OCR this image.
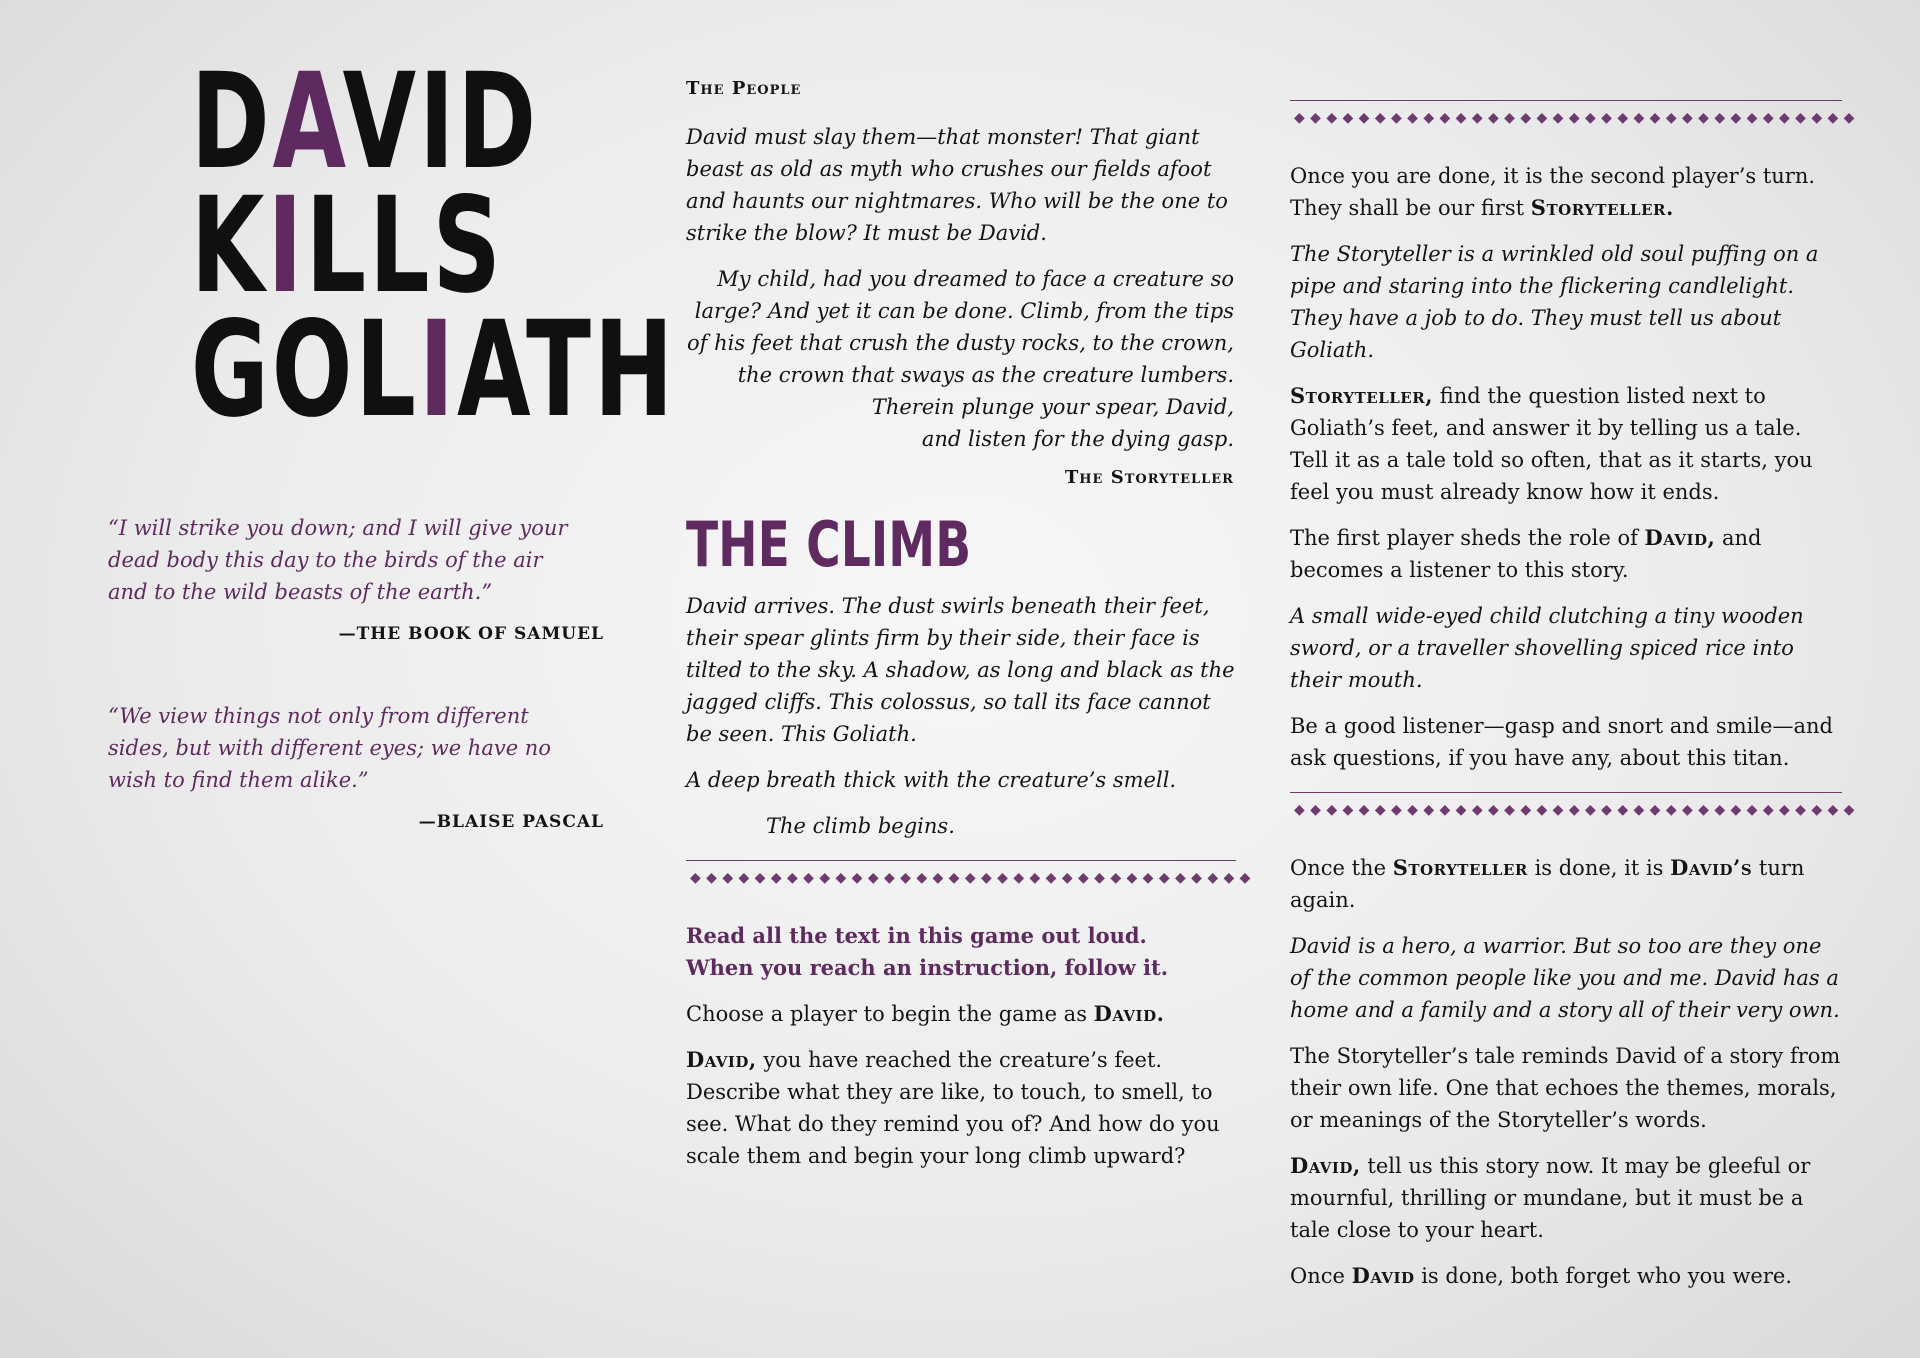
DAVID
KILLS
GOLIATH

“I will strike you down; and I will give your dead body this day to the birds of the air and to the wild beasts of the earth.”

—THE BOOK OF SAMUEL

“We view things not only from different sides, but with different eyes; we have no wish to find them alike.”

—BLAISE PASCAL

The People

David must slay them—that monster! That giant beast as old as myth who crushes our fields afoot and haunts our nightmares. Who will be the one to strike the blow? It must be David.

My child, had you dreamed to face a creature so
large? And yet it can be done. Climb, from the tips
of his feet that crush the dusty rocks, to the crown,
the crown that sways as the creature lumbers.
Therein plunge your spear, David,
and listen for the dying gasp.
The Storyteller
THE CLIMB

David arrives. The dust swirls beneath their feet, their spear glints firm by their side, their face is tilted to the sky. A shadow, as long and black as the jagged cliffs. This colossus, so tall its face cannot be seen. This Goliath.

A deep breath thick with the creature’s smell.

The climb begins.

◆◆◆◆◆◆◆◆◆◆◆◆◆◆◆◆◆◆◆◆◆◆◆◆◆◆◆◆◆◆◆◆◆◆◆
Read all the text in this game out loud.
When you reach an instruction, follow it.

Choose a player to begin the game as David.

David, you have reached the creature’s feet. Describe what they are like, to touch, to smell, to see. What do they remind you of? And how do you scale them and begin your long climb upward?

◆◆◆◆◆◆◆◆◆◆◆◆◆◆◆◆◆◆◆◆◆◆◆◆◆◆◆◆◆◆◆◆◆◆◆

Once you are done, it is the second player’s turn. They shall be our first Storyteller.

The Storyteller is a wrinkled old soul puffing on a pipe and staring into the flickering candlelight. They have a job to do. They must tell us about Goliath.

Storyteller, find the question listed next to Goliath’s feet, and answer it by telling us a tale. Tell it as a tale told so often, that as it starts, you feel you must already know how it ends.

The first player sheds the role of David, and becomes a listener to this story.

A small wide-eyed child clutching a tiny wooden sword, or a traveller shovelling spiced rice into their mouth.

Be a good listener—gasp and snort and smile—and ask questions, if you have any, about this titan.

◆◆◆◆◆◆◆◆◆◆◆◆◆◆◆◆◆◆◆◆◆◆◆◆◆◆◆◆◆◆◆◆◆◆◆

Once the Storyteller is done, it is David’s turn again.

David is a hero, a warrior. But so too are they one of the common people like you and me. David has a home and a family and a story all of their very own.

The Storyteller’s tale reminds David of a story from their own life. One that echoes the themes, morals, or meanings of the Storyteller’s words.

David, tell us this story now. It may be gleeful or mournful, thrilling or mundane, but it must be a tale close to your heart.

Once David is done, both forget who you were.
